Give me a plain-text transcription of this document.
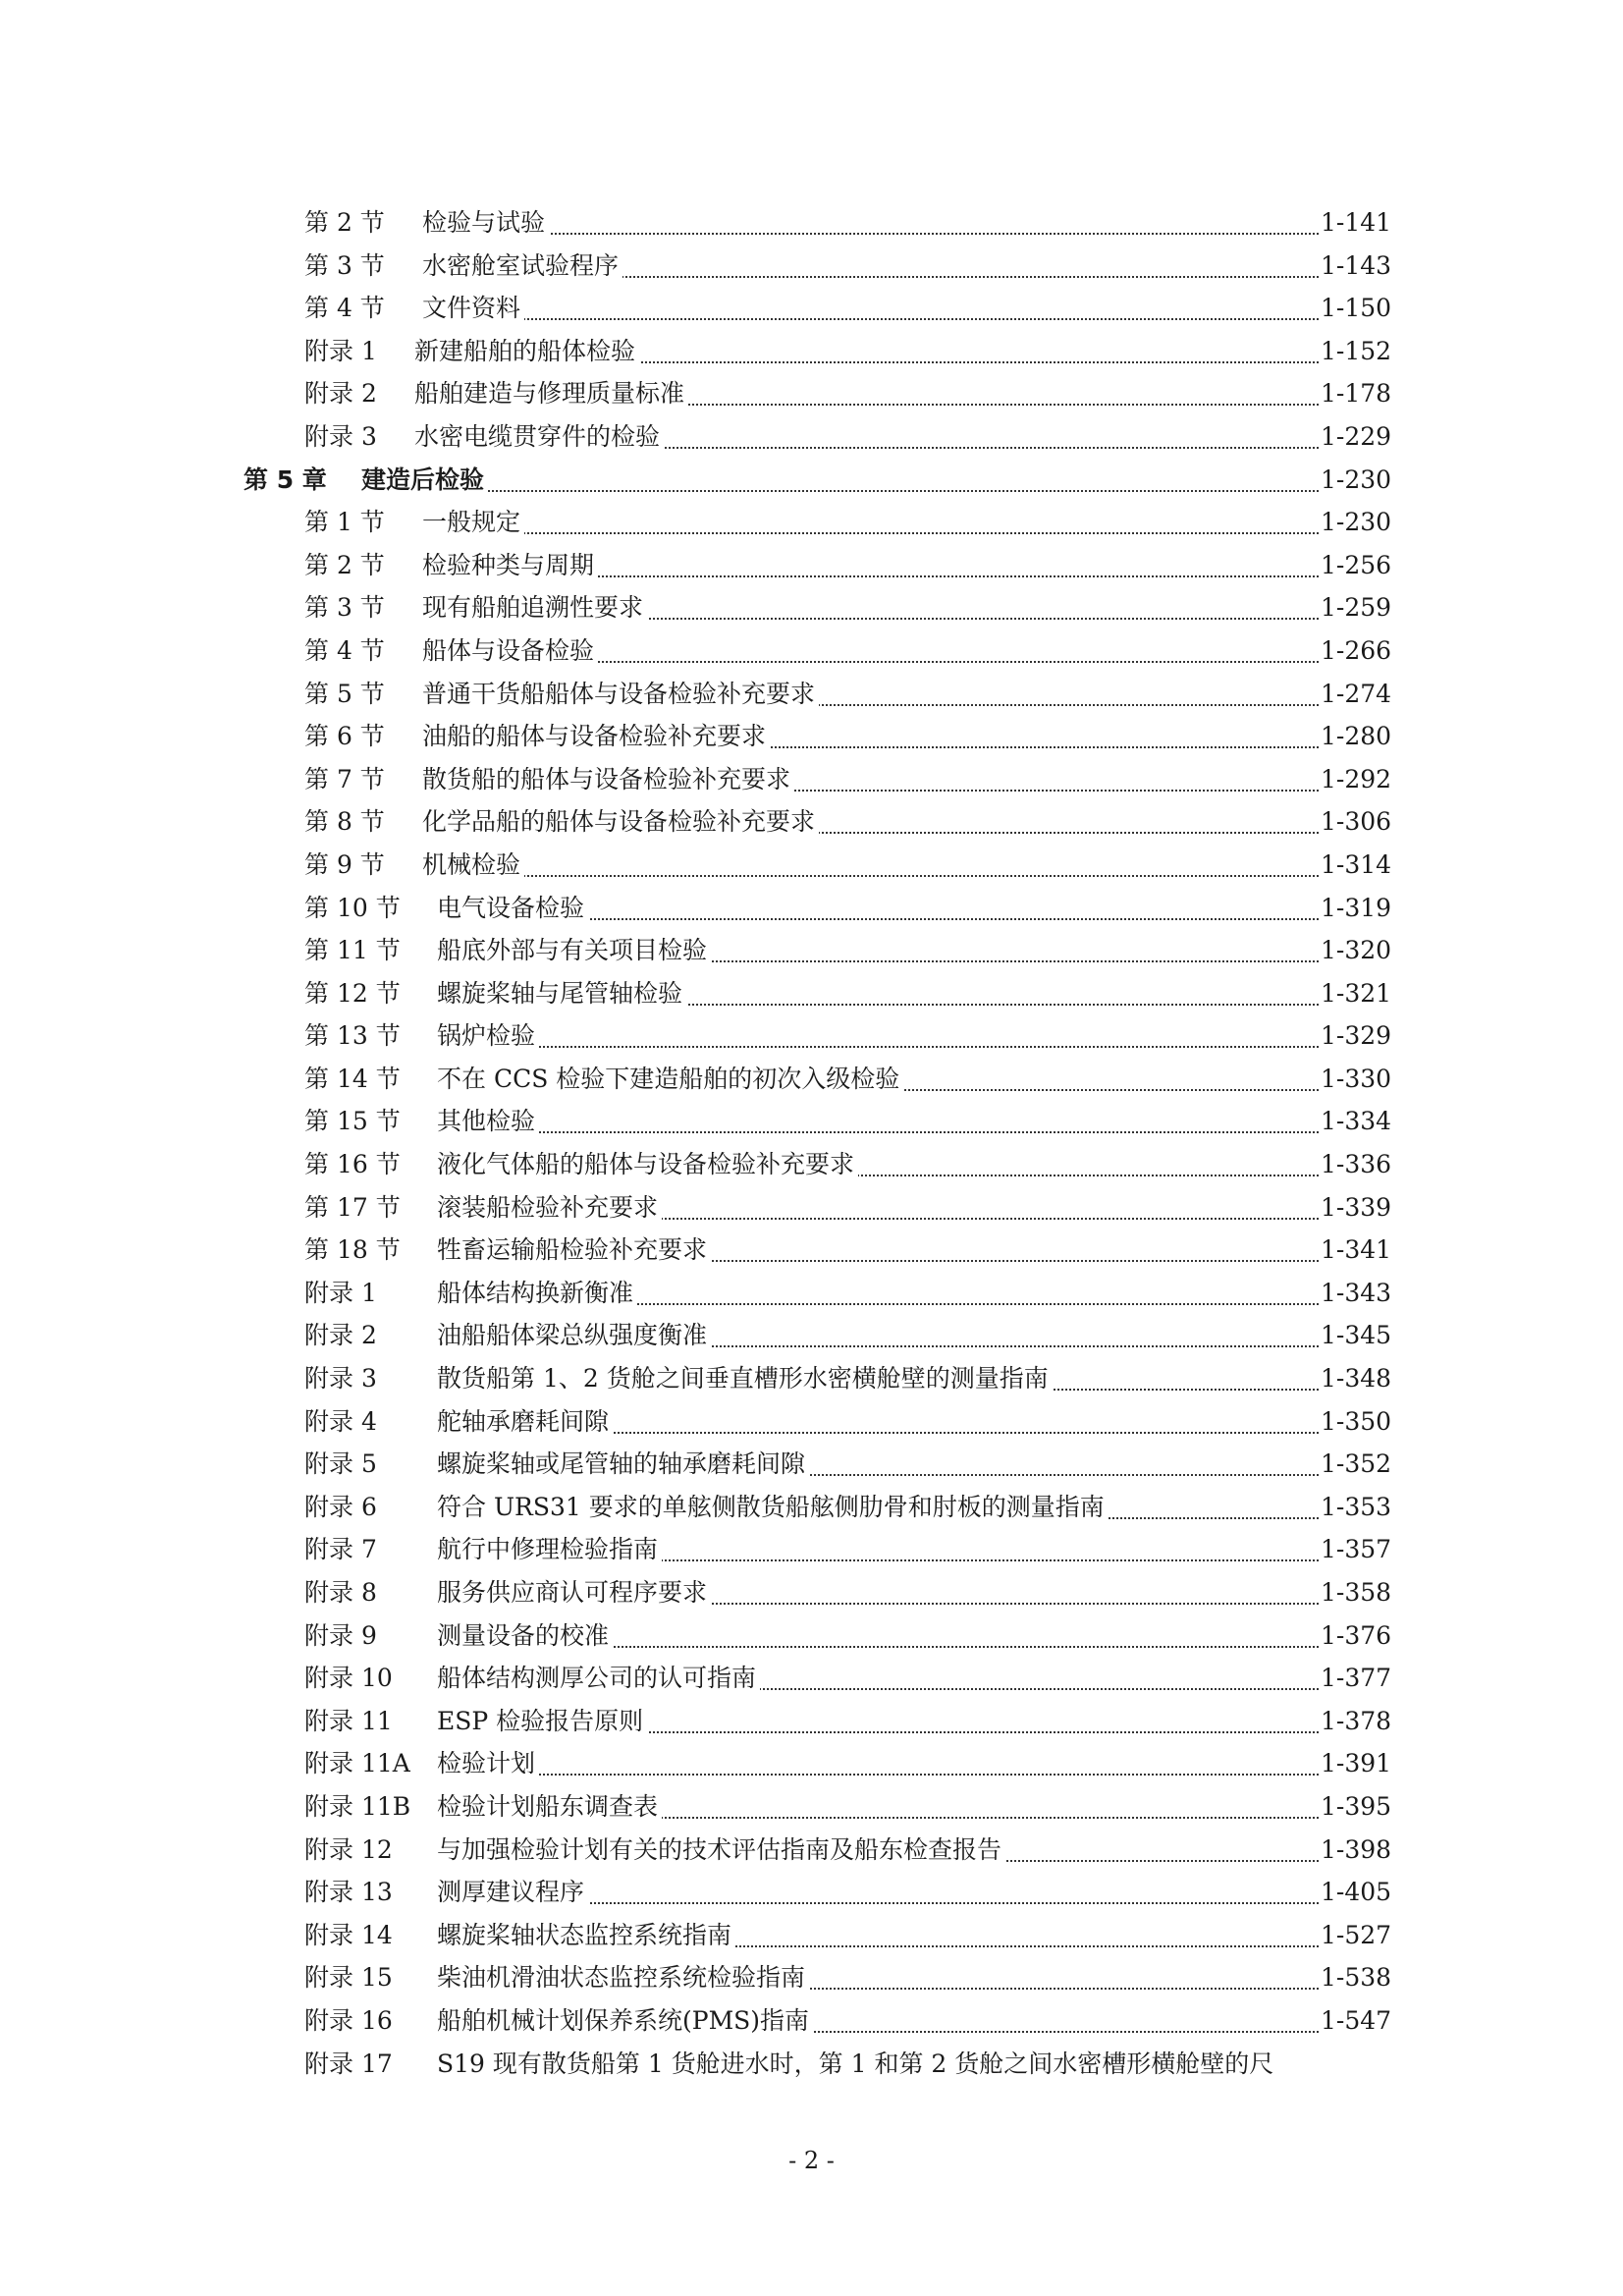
第 2 节 检验与试验	1-141
第 3 节 水密舱室试验程序	1-143
第 4 节 文件资料	1-150
附录 1 新建船舶的船体检验	1-152
附录 2 船舶建造与修理质量标准	1-178
附录 3 水密电缆贯穿件的检验	1-229
第 5 章 建造后检验	1-230
第 1 节 一般规定	1-230
第 2 节 检验种类与周期	1-256
第 3 节 现有船舶追溯性要求	1-259
第 4 节 船体与设备检验	1-266
第 5 节 普通干货船船体与设备检验补充要求	1-274
第 6 节 油船的船体与设备检验补充要求	1-280
第 7 节 散货船的船体与设备检验补充要求	1-292
第 8 节 化学品船的船体与设备检验补充要求	1-306
第 9 节 机械检验	1-314
第 10 节 电气设备检验	1-319
第 11 节 船底外部与有关项目检验	1-320
第 12 节 螺旋桨轴与尾管轴检验	1-321
第 13 节 锅炉检验	1-329
第 14 节 不在 CCS 检验下建造船舶的初次入级检验	1-330
第 15 节 其他检验	1-334
第 16 节 液化气体船的船体与设备检验补充要求	1-336
第 17 节 滚装船检验补充要求	1-339
第 18 节 牲畜运输船检验补充要求	1-341
附录 1 船体结构换新衡准	1-343
附录 2 油船船体梁总纵强度衡准	1-345
附录 3 散货船第 1、2 货舱之间垂直槽形水密横舱壁的测量指南	1-348
附录 4 舵轴承磨耗间隙	1-350
附录 5 螺旋桨轴或尾管轴的轴承磨耗间隙	1-352
附录 6 符合 URS31 要求的单舷侧散货船舷侧肋骨和肘板的测量指南	1-353
附录 7 航行中修理检验指南	1-357
附录 8 服务供应商认可程序要求	1-358
附录 9 测量设备的校准	1-376
附录 10 船体结构测厚公司的认可指南	1-377
附录 11 ESP 检验报告原则	1-378
附录 11A 检验计划	1-391
附录 11B 检验计划船东调查表	1-395
附录 12 与加强检验计划有关的技术评估指南及船东检查报告	1-398
附录 13 测厚建议程序	1-405
附录 14 螺旋桨轴状态监控系统指南	1-527
附录 15 柴油机滑油状态监控系统检验指南	1-538
附录 16 船舶机械计划保养系统(PMS)指南	1-547
附录 17 S19 现有散货船第 1 货舱进水时，第 1 和第 2 货舱之间水密槽形横舱壁的尺
- 2 -
